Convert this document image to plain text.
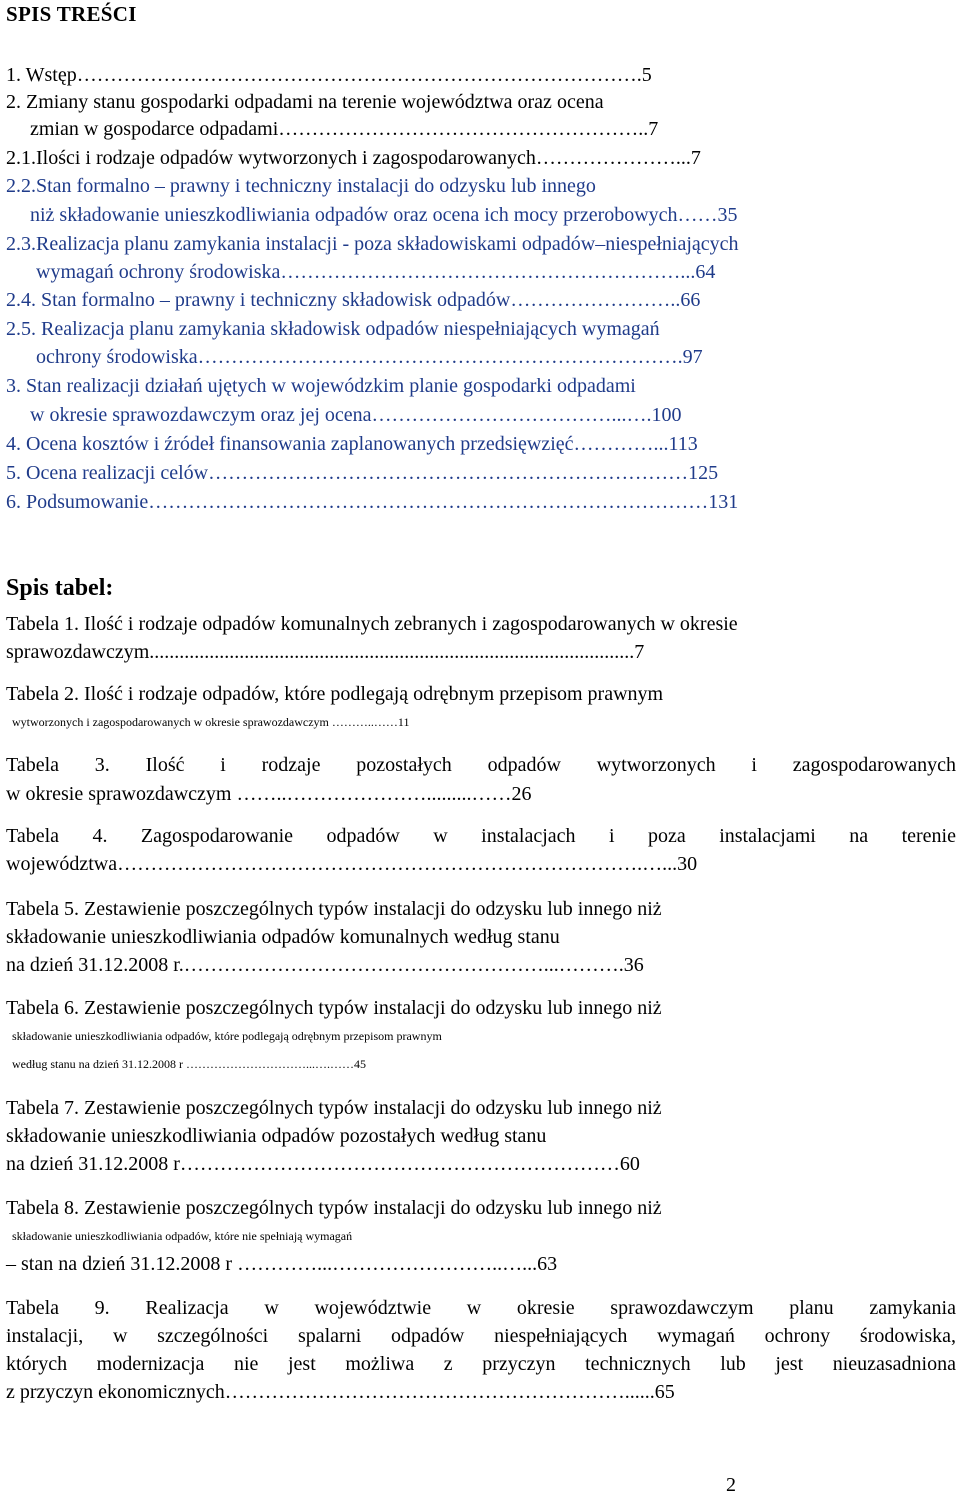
SPIS TREŚCI
1. Wstęp………………………………………………………………………….5
2. Zmiany stanu gospodarki odpadami na terenie województwa oraz ocena
zmian w gospodarce odpadami………………………………………………..7
2.1.Ilości i rodzaje odpadów wytworzonych i zagospodarowanych…………………...7
2.2.Stan formalno – prawny i techniczny instalacji do odzysku lub innego
niż składowanie unieszkodliwiania odpadów oraz ocena ich mocy przerobowych……35
2.3.Realizacja planu zamykania instalacji - poza składowiskami odpadów–niespełniających
wymagań ochrony środowiska……………………………………………………...64
2.4. Stan formalno – prawny i techniczny składowisk odpadów……………………..66
2.5. Realizacja planu zamykania składowisk odpadów niespełniających wymagań
ochrony środowiska……………………………………………………………….97
3. Stan realizacji działań ujętych w wojewódzkim planie gospodarki odpadami
w okresie sprawozdawczym oraz jej ocena………………………………...….100
4. Ocena kosztów i źródeł finansowania zaplanowanych przedsięwzięć…………...113
5. Ocena realizacji celów………………………………………………………………125
6. Podsumowanie…………………………………………………………………………131
Spis tabel:
Tabela 1. Ilość i rodzaje odpadów komunalnych zebranych i zagospodarowanych w okresie
sprawozdawczym.................................................................................................7
Tabela 2. Ilość i rodzaje odpadów, które podlegają odrębnym przepisom prawnym
wytworzonych i zagospodarowanych w okresie sprawozdawczym ………..……11
Tabela 3. Ilość i rodzaje pozostałych odpadów wytworzonych i zagospodarowanych
w okresie sprawozdawczym ……..………………….........……26
Tabela 4. Zagospodarowanie odpadów w instalacjach i poza instalacjami na terenie
województwa…………………………………………………………………….…...30
Tabela 5. Zestawienie poszczególnych typów instalacji do odzysku lub innego niż
składowanie unieszkodliwiania odpadów komunalnych według stanu
na dzień 31.12.2008 r.………………………………………………...……….36
Tabela 6. Zestawienie poszczególnych typów instalacji do odzysku lub innego niż
składowanie unieszkodliwiania odpadów, które podlegają odrębnym przepisom prawnym
według stanu na dzień 31.12.2008 r …………………………...….……45
Tabela 7. Zestawienie poszczególnych typów instalacji do odzysku lub innego niż
składowanie unieszkodliwiania odpadów pozostałych według stanu
na dzień 31.12.2008 r…………………………………………………………60
Tabela 8. Zestawienie poszczególnych typów instalacji do odzysku lub innego niż
składowanie unieszkodliwiania odpadów, które nie spełniają wymagań
– stan na dzień 31.12.2008 r …………...……………………..…...63
Tabela 9. Realizacja w województwie w okresie sprawozdawczym planu zamykania
instalacji, w szczególności spalarni odpadów niespełniających wymagań ochrony środowiska,
których modernizacja nie jest możliwa z przyczyn technicznych lub jest nieuzasadniona
z przyczyn ekonomicznych……………………………………………………......65
2
